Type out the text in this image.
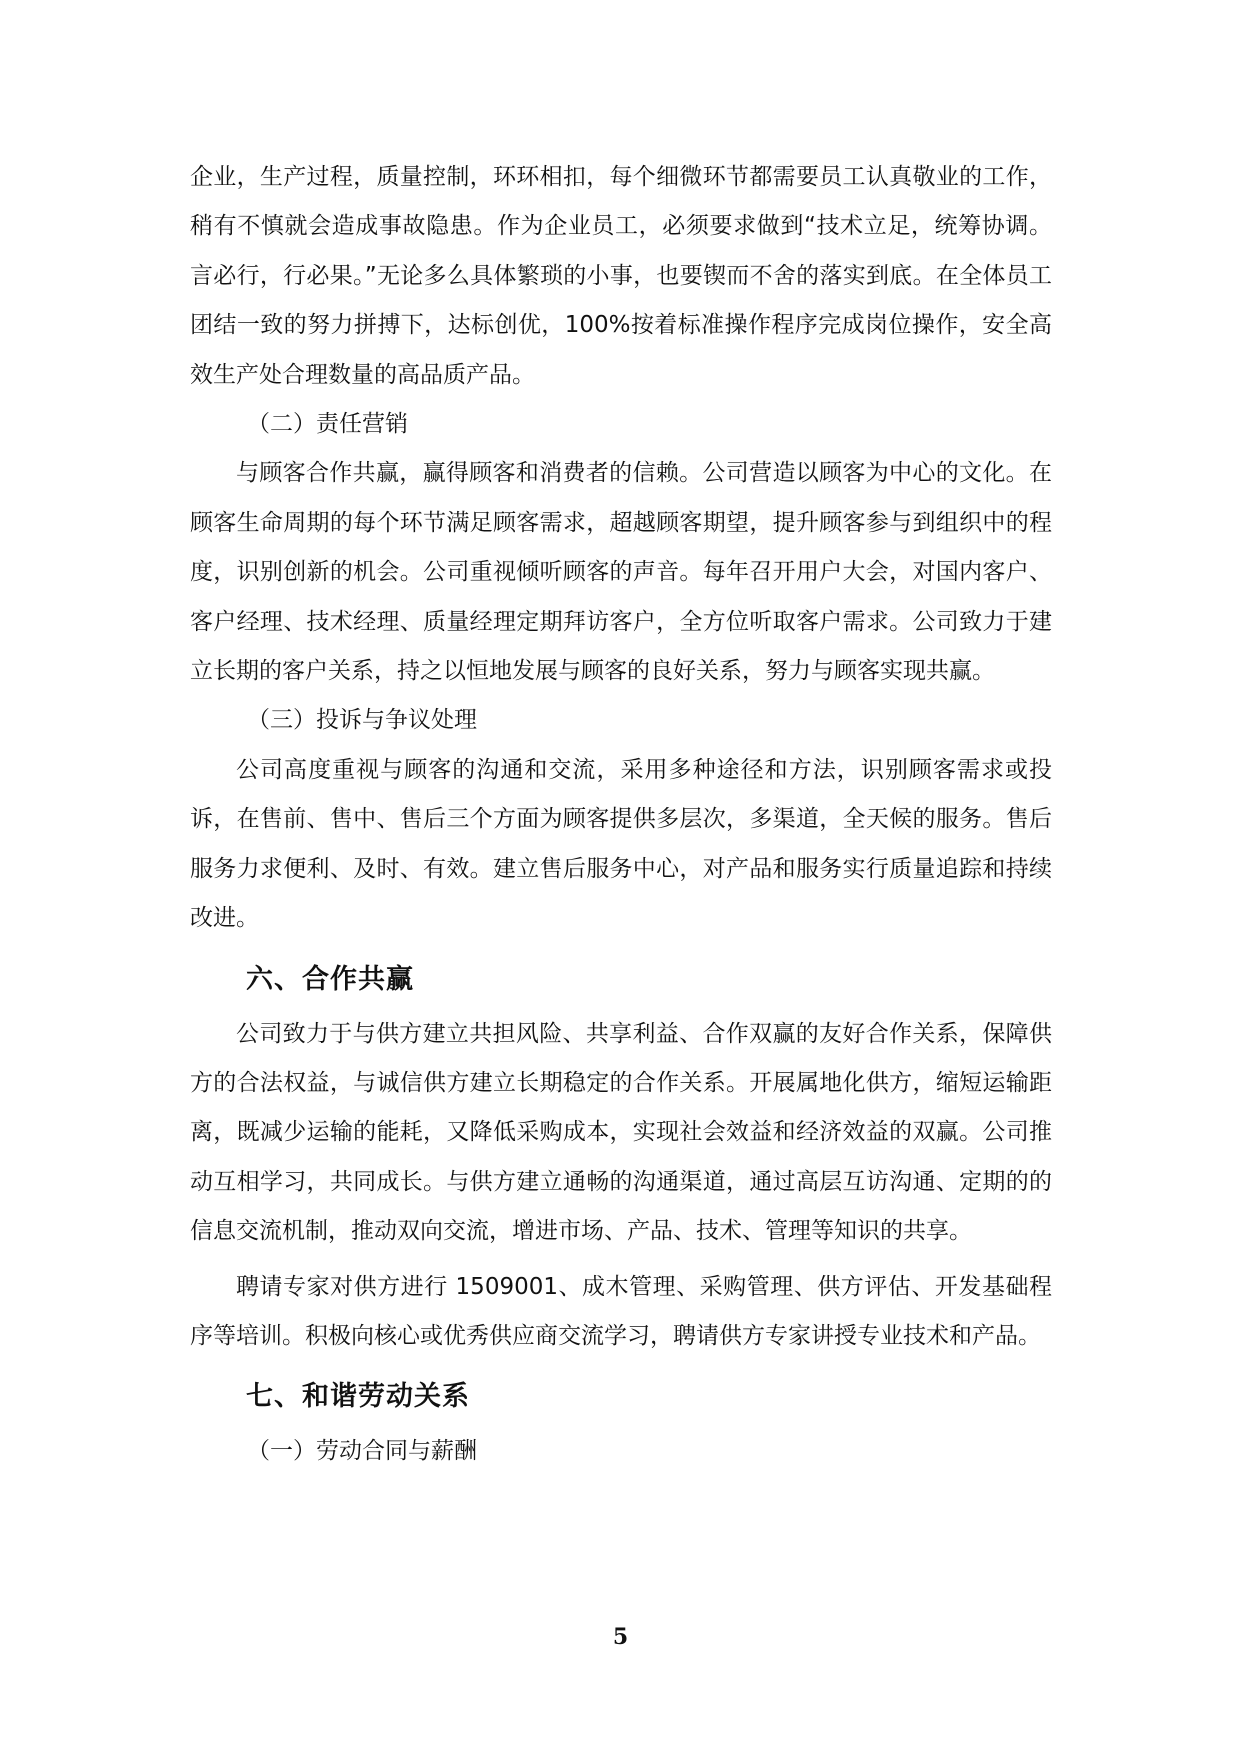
企业，生产过程，质量控制，环环相扣，每个细微环节都需要员工认真敬业的工作，稍有不慎就会造成事故隐患。作为企业员工，必须要求做到“技术立足，统筹协调。言必行，行必果。”无论多么具体繁琐的小事，也要锲而不舍的落实到底。在全体员工团结一致的努力拼搏下，达标创优，100%按着标准操作程序完成岗位操作，安全高效生产处合理数量的高品质产品。

（二）责任营销

与顾客合作共赢，赢得顾客和消费者的信赖。公司营造以顾客为中心的文化。在顾客生命周期的每个环节满足顾客需求，超越顾客期望，提升顾客参与到组织中的程度，识别创新的机会。公司重视倾听顾客的声音。每年召开用户大会，对国内客户、客户经理、技术经理、质量经理定期拜访客户，全方位听取客户需求。公司致力于建立长期的客户关系，持之以恒地发展与顾客的良好关系，努力与顾客实现共赢。

（三）投诉与争议处理

公司高度重视与顾客的沟通和交流，采用多种途径和方法，识别顾客需求或投诉，在售前、售中、售后三个方面为顾客提供多层次，多渠道，全天候的服务。售后服务力求便利、及时、有效。建立售后服务中心，对产品和服务实行质量追踪和持续改进。

六、合作共赢

公司致力于与供方建立共担风险、共享利益、合作双赢的友好合作关系，保障供方的合法权益，与诚信供方建立长期稳定的合作关系。开展属地化供方，缩短运输距离，既减少运输的能耗，又降低采购成本，实现社会效益和经济效益的双赢。公司推动互相学习，共同成长。与供方建立通畅的沟通渠道，通过高层互访沟通、定期的的信息交流机制，推动双向交流，增进市场、产品、技术、管理等知识的共享。

聘请专家对供方进行 1509001、成木管理、采购管理、供方评估、开发基础程序等培训。积极向核心或优秀供应商交流学习，聘请供方专家讲授专业技术和产品。

七、和谐劳动关系

（一）劳动合同与薪酬

5
